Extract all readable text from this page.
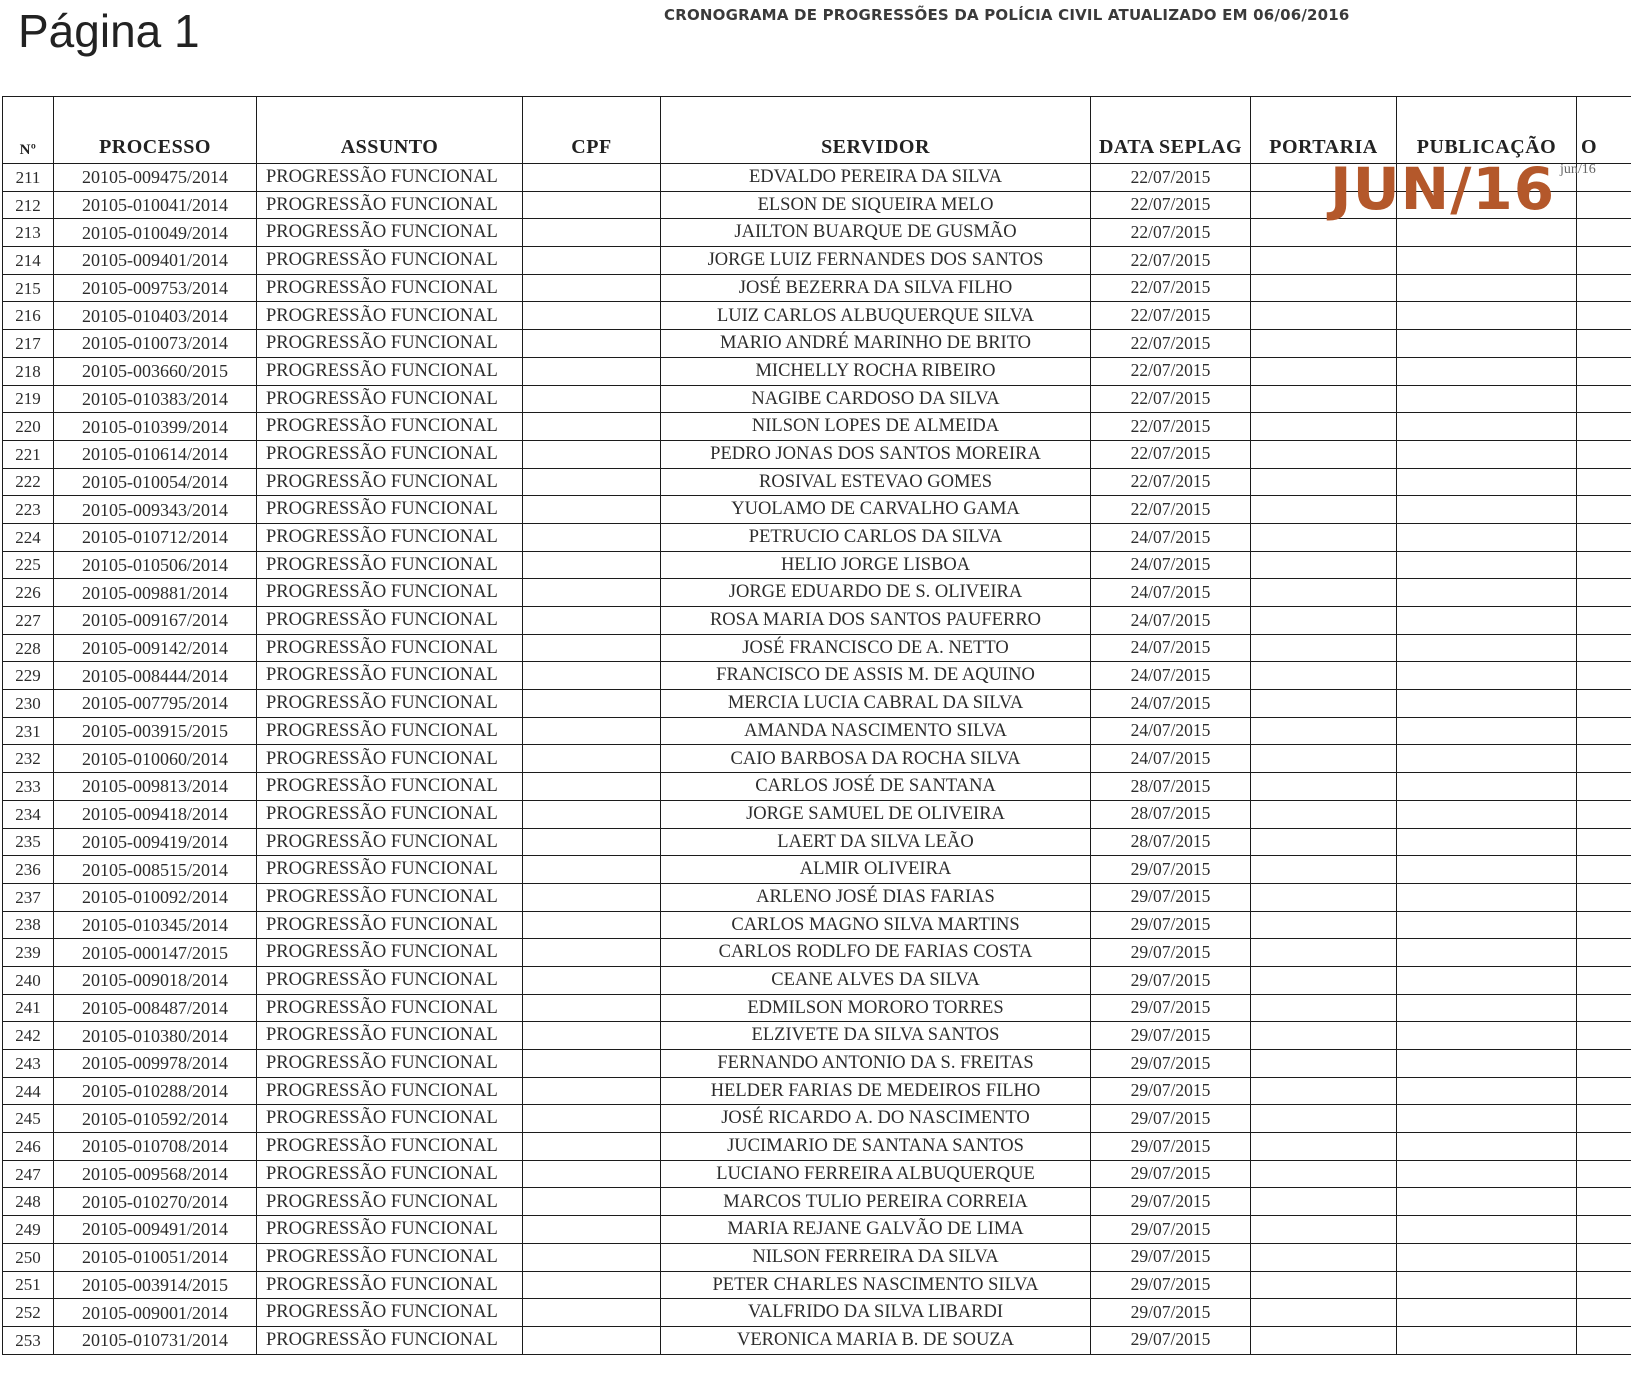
Página 1	CRONOGRAMA DE PROGRESSÕES DA POLÍCIA CIVIL ATUALIZADO EM 06/06/2016
Nº	PROCESSO	ASSUNTO	CPF	SERVIDOR	DATA SEPLAG	PORTARIA	PUBLICAÇÃO	O
211	20105-009475/2014	PROGRESSÃO FUNCIONAL		EDVALDO PEREIRA DA SILVA	22/07/2015			
212	20105-010041/2014	PROGRESSÃO FUNCIONAL		ELSON DE SIQUEIRA MELO	22/07/2015			
213	20105-010049/2014	PROGRESSÃO FUNCIONAL		JAILTON BUARQUE DE GUSMÃO	22/07/2015			
214	20105-009401/2014	PROGRESSÃO FUNCIONAL		JORGE LUIZ FERNANDES DOS SANTOS	22/07/2015			
215	20105-009753/2014	PROGRESSÃO FUNCIONAL		JOSÉ BEZERRA DA SILVA FILHO	22/07/2015			
216	20105-010403/2014	PROGRESSÃO FUNCIONAL		LUIZ CARLOS ALBUQUERQUE SILVA	22/07/2015			
217	20105-010073/2014	PROGRESSÃO FUNCIONAL		MARIO ANDRÉ MARINHO DE BRITO	22/07/2015			
218	20105-003660/2015	PROGRESSÃO FUNCIONAL		MICHELLY ROCHA RIBEIRO	22/07/2015			
219	20105-010383/2014	PROGRESSÃO FUNCIONAL		NAGIBE CARDOSO DA SILVA	22/07/2015			
220	20105-010399/2014	PROGRESSÃO FUNCIONAL		NILSON LOPES DE ALMEIDA	22/07/2015			
221	20105-010614/2014	PROGRESSÃO FUNCIONAL		PEDRO JONAS DOS SANTOS MOREIRA	22/07/2015			
222	20105-010054/2014	PROGRESSÃO FUNCIONAL		ROSIVAL ESTEVAO GOMES	22/07/2015			
223	20105-009343/2014	PROGRESSÃO FUNCIONAL		YUOLAMO DE CARVALHO GAMA	22/07/2015			
224	20105-010712/2014	PROGRESSÃO FUNCIONAL		PETRUCIO CARLOS DA SILVA	24/07/2015			
225	20105-010506/2014	PROGRESSÃO FUNCIONAL		HELIO JORGE LISBOA	24/07/2015			
226	20105-009881/2014	PROGRESSÃO FUNCIONAL		JORGE EDUARDO DE S. OLIVEIRA	24/07/2015			
227	20105-009167/2014	PROGRESSÃO FUNCIONAL		ROSA MARIA DOS SANTOS PAUFERRO	24/07/2015			
228	20105-009142/2014	PROGRESSÃO FUNCIONAL		JOSÉ FRANCISCO DE A. NETTO	24/07/2015			
229	20105-008444/2014	PROGRESSÃO FUNCIONAL		FRANCISCO DE ASSIS M. DE AQUINO	24/07/2015			
230	20105-007795/2014	PROGRESSÃO FUNCIONAL		MERCIA LUCIA CABRAL DA SILVA	24/07/2015			
231	20105-003915/2015	PROGRESSÃO FUNCIONAL		AMANDA NASCIMENTO SILVA	24/07/2015			
232	20105-010060/2014	PROGRESSÃO FUNCIONAL		CAIO BARBOSA DA ROCHA SILVA	24/07/2015			
233	20105-009813/2014	PROGRESSÃO FUNCIONAL		CARLOS JOSÉ DE SANTANA	28/07/2015			
234	20105-009418/2014	PROGRESSÃO FUNCIONAL		JORGE SAMUEL DE OLIVEIRA	28/07/2015			
235	20105-009419/2014	PROGRESSÃO FUNCIONAL		LAERT DA SILVA LEÃO	28/07/2015			
236	20105-008515/2014	PROGRESSÃO FUNCIONAL		ALMIR OLIVEIRA	29/07/2015			
237	20105-010092/2014	PROGRESSÃO FUNCIONAL		ARLENO JOSÉ DIAS FARIAS	29/07/2015			
238	20105-010345/2014	PROGRESSÃO FUNCIONAL		CARLOS MAGNO SILVA MARTINS	29/07/2015			
239	20105-000147/2015	PROGRESSÃO FUNCIONAL		CARLOS RODLFO DE FARIAS COSTA	29/07/2015			
240	20105-009018/2014	PROGRESSÃO FUNCIONAL		CEANE ALVES DA SILVA	29/07/2015			
241	20105-008487/2014	PROGRESSÃO FUNCIONAL		EDMILSON MORORO TORRES	29/07/2015			
242	20105-010380/2014	PROGRESSÃO FUNCIONAL		ELZIVETE DA SILVA SANTOS	29/07/2015			
243	20105-009978/2014	PROGRESSÃO FUNCIONAL		FERNANDO ANTONIO DA S. FREITAS	29/07/2015			
244	20105-010288/2014	PROGRESSÃO FUNCIONAL		HELDER FARIAS DE MEDEIROS FILHO	29/07/2015			
245	20105-010592/2014	PROGRESSÃO FUNCIONAL		JOSÉ RICARDO A. DO NASCIMENTO	29/07/2015			
246	20105-010708/2014	PROGRESSÃO FUNCIONAL		JUCIMARIO DE SANTANA SANTOS	29/07/2015			
247	20105-009568/2014	PROGRESSÃO FUNCIONAL		LUCIANO FERREIRA ALBUQUERQUE	29/07/2015			
248	20105-010270/2014	PROGRESSÃO FUNCIONAL		MARCOS TULIO PEREIRA CORREIA	29/07/2015			
249	20105-009491/2014	PROGRESSÃO FUNCIONAL		MARIA REJANE GALVÃO DE LIMA	29/07/2015			
250	20105-010051/2014	PROGRESSÃO FUNCIONAL		NILSON FERREIRA DA SILVA	29/07/2015			
251	20105-003914/2015	PROGRESSÃO FUNCIONAL		PETER CHARLES NASCIMENTO SILVA	29/07/2015			
252	20105-009001/2014	PROGRESSÃO FUNCIONAL		VALFRIDO DA SILVA LIBARDI	29/07/2015			
253	20105-010731/2014	PROGRESSÃO FUNCIONAL		VERONICA MARIA B. DE SOUZA	29/07/2015			
jun/16
JUN/16
